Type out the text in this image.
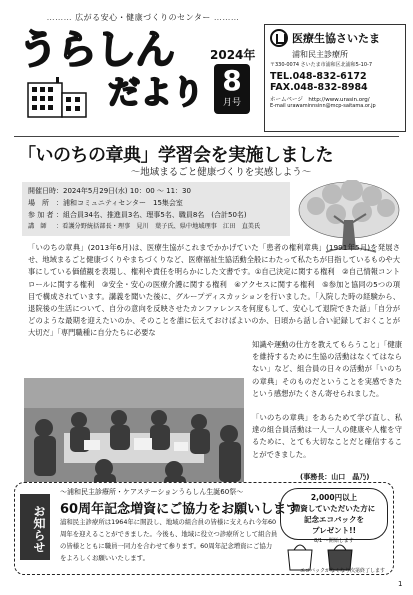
……… 広がる安心・健康づくりのセンター ………
うらしん
だより
2024年
8
月号
医療生協さいたま
浦和民主診療所
〒330-0074 さいたま市浦和区北浦和5-10-7
TEL.048-832-6172
FAX.048-832-8984
ホームページ　http://www.urasin.org/
E-mail urawaminnsinn@mcp-saitama.or.jp
「いのちの章典」学習会を実施しました
～地域まるごと健康づくりを実感しよう～
開催日時：2024年5月29日(水) 10：00 ～ 11：30
場　所 ：浦和コミュニティセンター　15集会室
参 加 者 ：組合員34名、推進員3名、理事5名、職員8名　(合計50名)
講　師 ：看護分野統括部長・理事　見川　葉子氏、県中地域理事　江田　直美氏
「いのちの章典」(2013年6月)は、医療生協がこれまでかかげていた「患者の権利章典」(1991年5月)を発展させ、地域まるごと健康づくりやまちづくりなど、医療福祉生協活動全般にわたって私たちが目指しているものや大事にしている価値観を表現し、権利や責任を明らかにした文書です。①自己決定に関する権利　②自己情報コントロールに関する権利　③安全・安心の医療介護に関する権利　④アクセスに関する権利　⑤参加と協同の5つの項目で構成されています。講義を聞いた後に、グループディスカッションを行いました。「入院した時の経験から、退院後の生活について、自分の意向を反映させたカンファレンスを何度もして、安心して退院できた話」「自分がどのような最期を迎えたいのか、そのことを誰に伝えておけばよいのか、日頃から話し合い記録しておくことが大切だ」「専門職種に自分たちに必要な
知識や運動の仕方を教えてもらうこと」「健康を維持するために生協の活動はなくてはならない」など、組合員の日々の活動が「いのちの章典」そのものだということを実感できたという感想がたくさん寄せられました。
「いのちの章典」をあらためて学び直し、私達の組合員活動は一人一人の健康や人権を守るために、とても大切なことだと確信することができました。
(事務長：山口　晶乃)
お知らせ
～浦和民主診療所・ケアステーションうらしん生誕60祭～
60周年記念増資にご協力をお願いします
浦和民主診療所は1964年に開設し、地域の組合員の皆様に支えられ今年60周年を迎えることができました。今後も、地域に役立つ診療所として組合員の皆様とともに職員一同力を合わせて参ります。60周年記念増資にご協力をよろしくお願いいたします。
2,000円以上
増資していただいた方に
記念エコバックを
プレゼント!!
8/1 ～開始します
エコバックがなくなり次第終了します
1
